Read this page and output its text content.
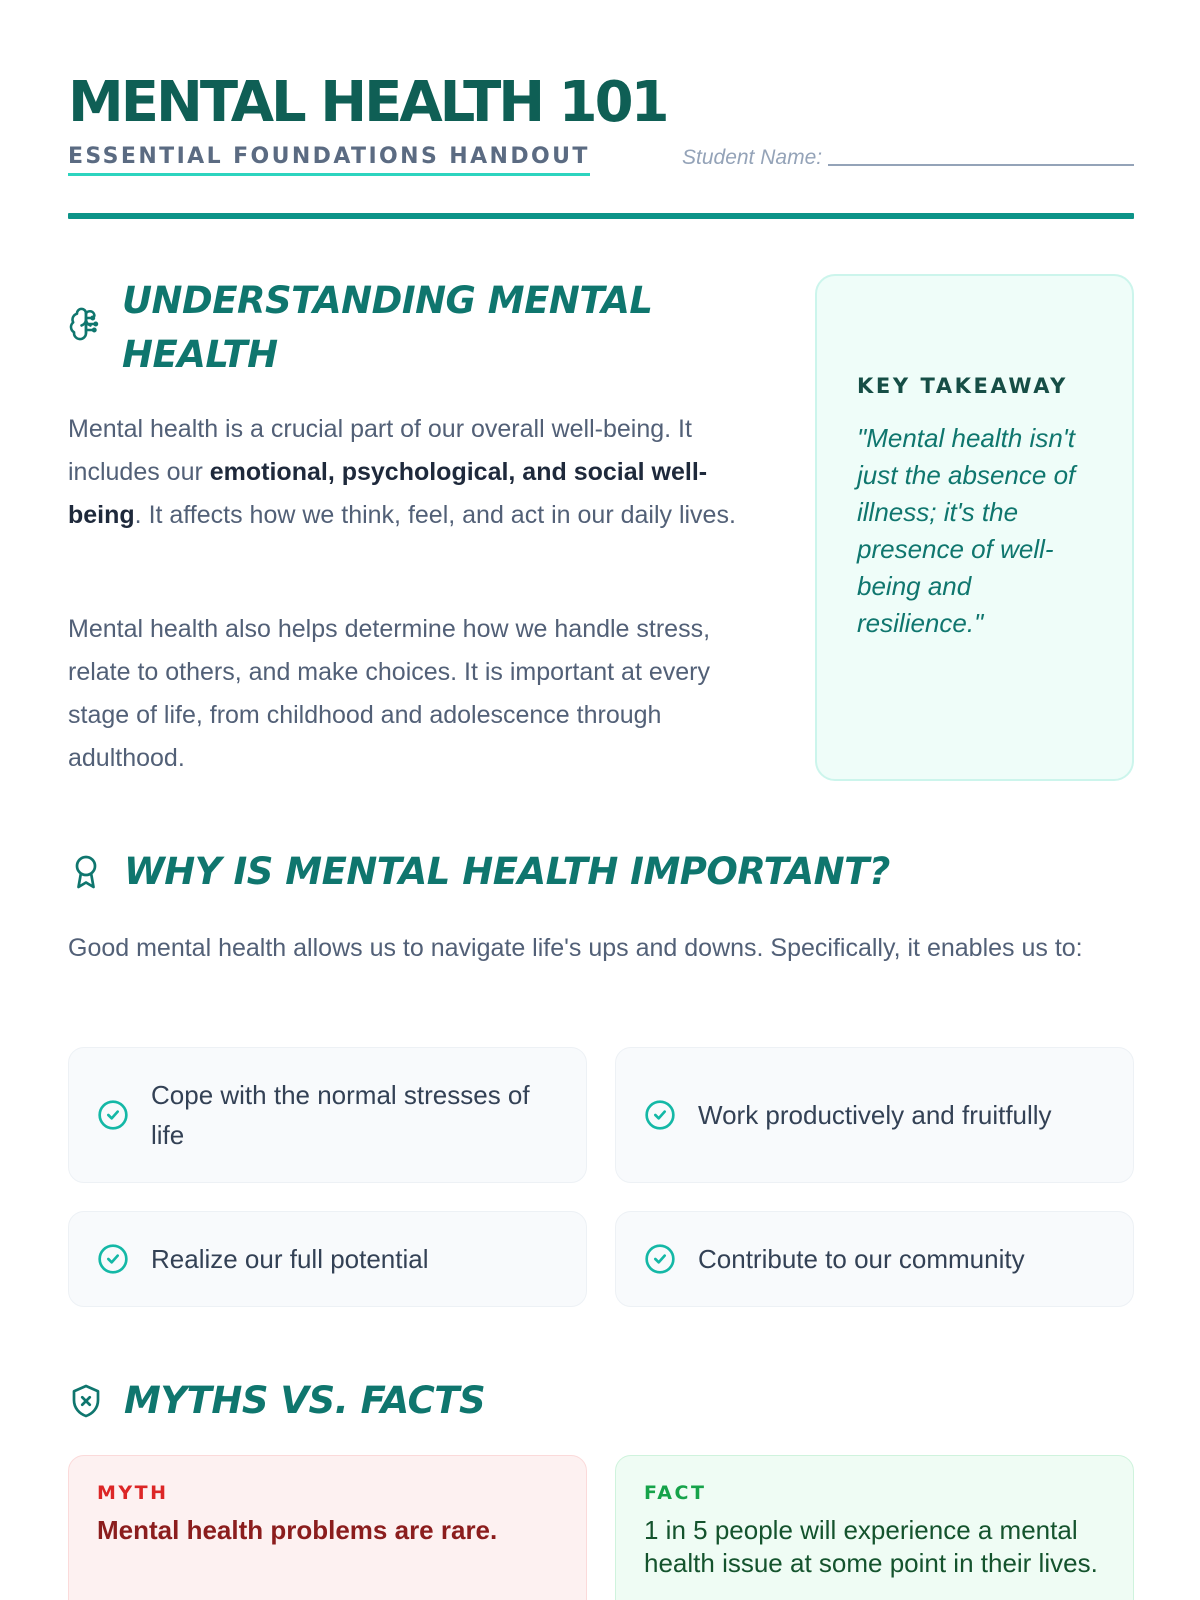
MENTAL HEALTH 101
ESSENTIAL FOUNDATIONS HANDOUT	Student Name:
UNDERSTANDING MENTAL HEALTH

Mental health is a crucial part of our overall well-being. It includes our emotional, psychological, and social well-being. It affects how we think, feel, and act in our daily lives.

Mental health also helps determine how we handle stress, relate to others, and make choices. It is important at every stage of life, from childhood and adolescence through adulthood.

KEY TAKEAWAY
"Mental health isn't just the absence of illness; it's the presence of well-being and resilience."
WHY IS MENTAL HEALTH IMPORTANT?

Good mental health allows us to navigate life's ups and downs. Specifically, it enables us to:

Cope with the normal stresses of life
Work productively and fruitfully
Realize our full potential	Contribute to our community
MYTHS VS. FACTS
MYTH
Mental health problems are rare.
FACT
1 in 5 people will experience a mental health issue at some point in their lives.
